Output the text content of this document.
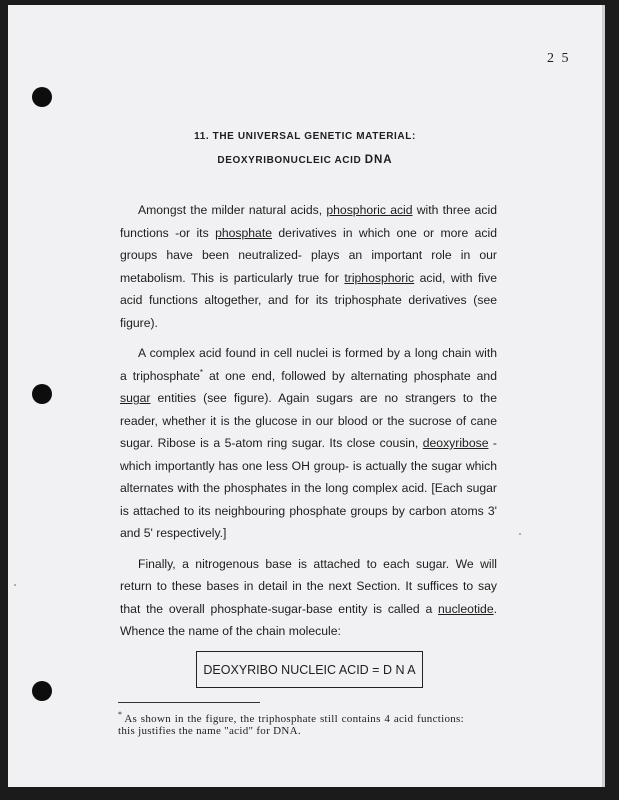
2 5
11. THE UNIVERSAL GENETIC MATERIAL:
DEOXYRIBONUCLEIC ACID DNA

Amongst the milder natural acids, phosphoric acid with three acid functions -or its phosphate derivatives in which one or more acid groups have been neutralized- plays an important role in our metabolism. This is particularly true for triphosphoric acid, with five acid functions altogether, and for its triphosphate derivatives (see figure).

A complex acid found in cell nuclei is formed by a long chain with a triphosphate* at one end, followed by alternating phosphate and sugar entities (see figure). Again sugars are no strangers to the reader, whether it is the glucose in our blood or the sucrose of cane sugar. Ribose is a 5-atom ring sugar. Its close cousin, deoxyribose - which importantly has one less OH group- is actually the sugar which alternates with the phosphates in the long complex acid. [Each sugar is attached to its neighbouring phosphate groups by carbon atoms 3' and 5' respectively.]

Finally, a nitrogenous base is attached to each sugar. We will return to these bases in detail in the next Section. It suffices to say that the overall phosphate-sugar-base entity is called a nucleotide. Whence the name of the chain molecule:

DEOXYRIBO NUCLEIC ACID = D N A
* As shown in the figure, the triphosphate still contains 4 acid functions: this justifies the name "acid" for DNA.
